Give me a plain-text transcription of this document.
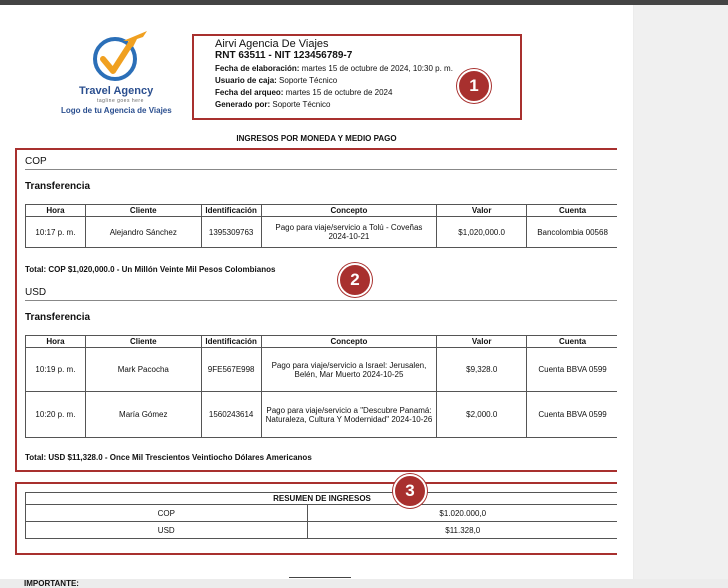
Travel Agency
tagline goes here
Logo de tu Agencia de Viajes
Airvi Agencia De Viajes
RNT 63511 - NIT 123456789-7
Fecha de elaboración: martes 15 de octubre de 2024, 10:30 p. m.
Usuario de caja: Soporte Técnico
Fecha del arqueo: martes 15 de octubre de 2024
Generado por: Soporte Técnico
1
INGRESOS POR MONEDA Y MEDIO PAGO
COP
Transferencia
Hora	Cliente	Identificación	Concepto	Valor	Cuenta
10:17 p. m.	Alejandro Sánchez	1395309763	Pago para viaje/servicio a Tolú - Coveñas 2024-10-21	$1,020,000.0	Bancolombia 00568
Total: COP $1,020,000.0 - Un Millón Veinte Mil Pesos Colombianos
USD
Transferencia
Hora	Cliente	Identificación	Concepto	Valor	Cuenta
10:19 p. m.	Mark Pacocha	9FE567E998	Pago para viaje/servicio a Israel: Jerusalen, Belén, Mar Muerto 2024-10-25	$9,328.0	Cuenta BBVA 0599
10:20 p. m.	María Gómez	1560243614	Pago para viaje/servicio a "Descubre Panamá: Naturaleza, Cultura Y Modernidad" 2024-10-26	$2,000.0	Cuenta BBVA 0599
Total: USD $11,328.0 - Once Mil Trescientos Veintiocho Dólares Americanos
2
RESUMEN DE INGRESOS	
COP	$1.020.000,0
USD	$11.328,0
3
IMPORTANTE:
